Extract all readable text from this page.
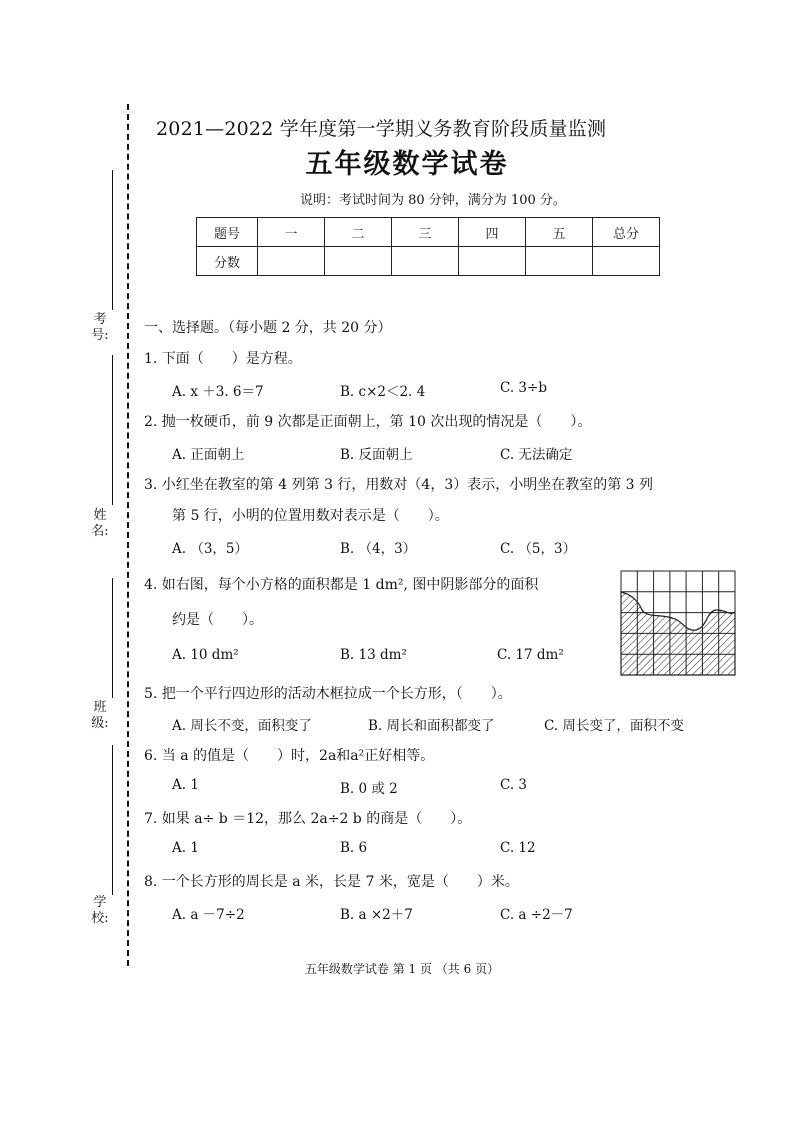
考号:
姓名:
班级:
学校:
2021—2022 学年度第一学期义务教育阶段质量监测
五年级数学试卷
说明：考试时间为 80 分钟，满分为 100 分。
题号	一	二	三	四	五	总分
分数						
一、选择题。（每小题 2 分，共 20 分）
1. 下面（　　）是方程。
A. x ＋3. 6＝7	B. c×2＜2. 4	C. 3÷b
2. 抛一枚硬币，前 9 次都是正面朝上，第 10 次出现的情况是（　　）。
A. 正面朝上	B. 反面朝上	C. 无法确定
3. 小红坐在教室的第 4 列第 3 行，用数对（4，3）表示，小明坐在教室的第 3 列
第 5 行，小明的位置用数对表示是（　　）。
A. （3，5）	B. （4，3）	C. （5，3）
4. 如右图，每个小方格的面积都是 1 dm², 图中阴影部分的面积
约是（　　）。
A. 10 dm²	B. 13 dm²	C. 17 dm²
5. 把一个平行四边形的活动木框拉成一个长方形，（　　）。
A. 周长不变，面积变了	B. 周长和面积都变了	C. 周长变了，面积不变
6. 当 a 的值是（　　）时，2a和a²正好相等。
A. 1	B. 0 或 2	C. 3
7. 如果 a÷ b ＝12，那么 2a÷2 b 的商是（　　）。
A. 1	B. 6	C. 12
8. 一个长方形的周长是 a 米，长是 7 米，宽是（　　）米。
A. a －7÷2	B. a ×2＋7	C. a ÷2－7
五年级数学试卷 第 1 页 （共 6 页）
